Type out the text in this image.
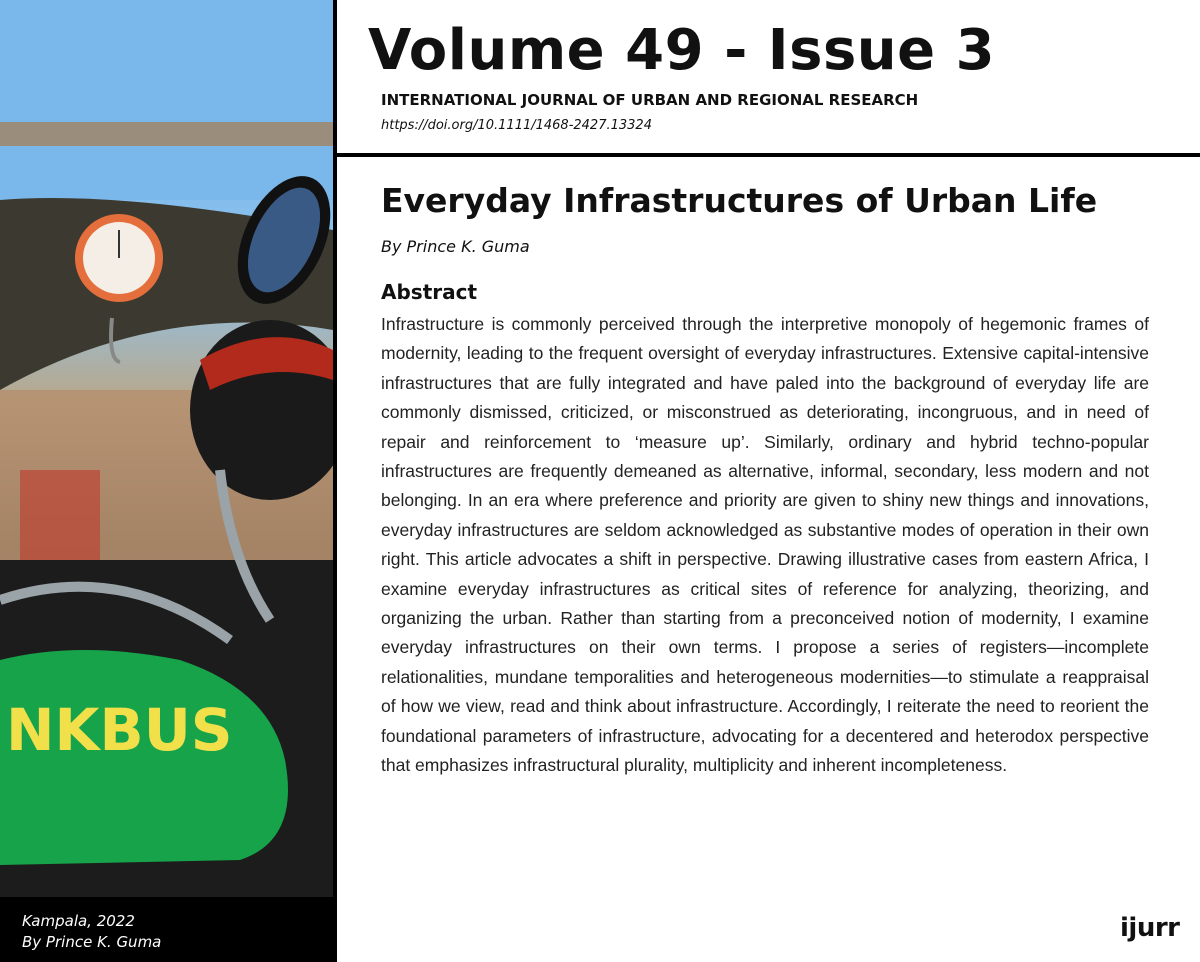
NKBUS
Kampala, 2022
By Prince K. Guma
Volume 49 - Issue 3
INTERNATIONAL JOURNAL OF URBAN AND REGIONAL RESEARCH
https://doi.org/10.1111/1468-2427.13324
Everyday Infrastructures of Urban Life
By Prince K. Guma
Abstract
Infrastructure is commonly perceived through the interpretive monopoly of hegemonic frames of modernity, leading to the frequent oversight of everyday infrastructures. Extensive capital-intensive infrastructures that are fully integrated and have paled into the background of everyday life are commonly dismissed, criticized, or misconstrued as deteriorating, incongruous, and in need of repair and reinforcement to ‘measure up’. Similarly, ordinary and hybrid techno-popular infrastructures are frequently demeaned as alternative, informal, secondary, less modern and not belonging. In an era where preference and priority are given to shiny new things and innovations, everyday infrastructures are seldom acknowledged as substantive modes of operation in their own right. This article advocates a shift in perspective. Drawing illustrative cases from eastern Africa, I examine everyday infrastructures as critical sites of reference for analyzing, theorizing, and organizing the urban. Rather than starting from a preconceived notion of modernity, I examine everyday infrastructures on their own terms. I propose a series of registers—incomplete relationalities, mundane temporalities and heterogeneous modernities—to stimulate a reappraisal of how we view, read and think about infrastructure. Accordingly, I reiterate the need to reorient the foundational parameters of infrastructure, advocating for a decentered and heterodox perspective that emphasizes infrastructural plurality, multiplicity and inherent incompleteness.
ijurr
